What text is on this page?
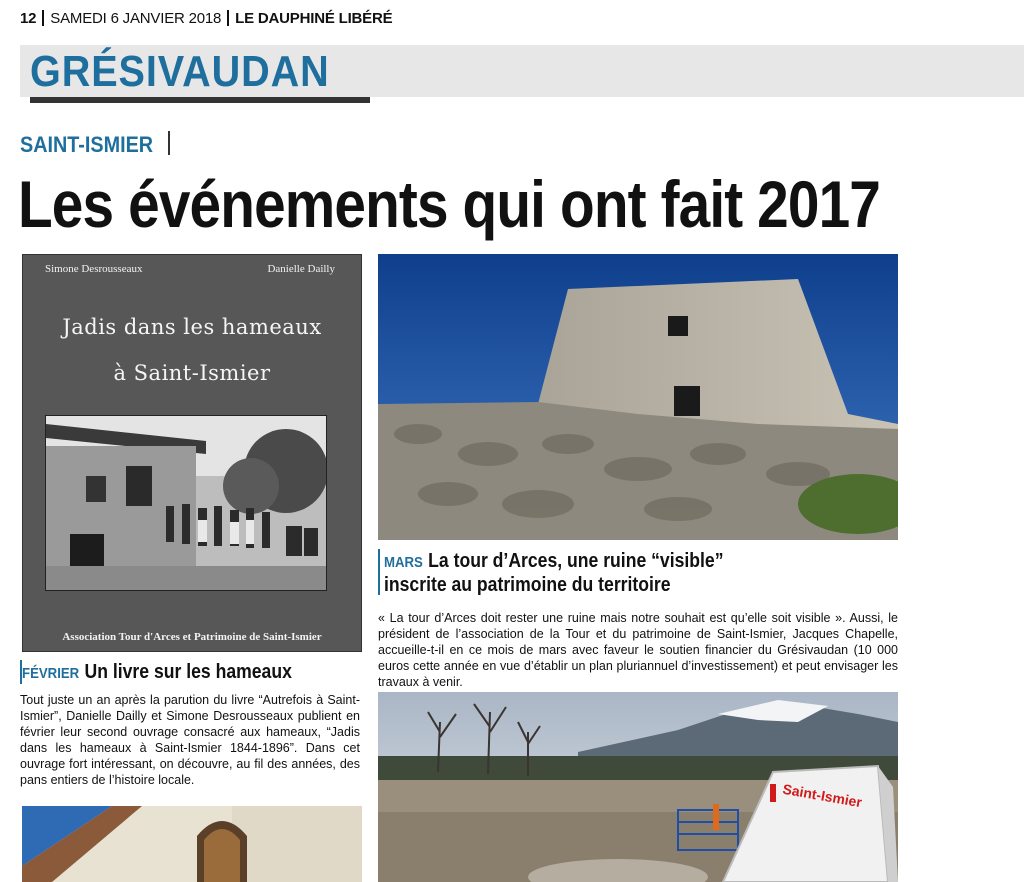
12 SAMEDI 6 JANVIER 2018 LE DAUPHINÉ LIBÉRÉ
GRÉSIVAUDAN
SAINT-ISMIER
Les événements qui ont fait 2017
Simone Desrousseaux	Danielle Dailly
Jadis dans les hameaux
à Saint-Ismier
Association Tour d'Arces et Patrimoine de Saint-Ismier
MARS La tour d’Arces, une ruine “visible”
inscrite au patrimoine du territoire

« La tour d’Arces doit rester une ruine mais notre souhait est qu’elle soit visible ». Aussi, le président de l’association de la Tour et du patrimoine de Saint-Ismier, Jacques Chapelle, accueille-t-il en ce mois de mars avec faveur le soutien financier du Grésivaudan (10 000 euros cette année en vue d’établir un plan pluriannuel d’investissement) et peut envisager les travaux à venir.

FÉVRIER Un livre sur les hameaux

Tout juste un an après la parution du livre “Autrefois à Saint-Ismier”, Danielle Dailly et Simone Desrousseaux publient en février leur second ouvrage consacré aux hameaux, “Jadis dans les hameaux à Saint-Ismier 1844-1896”. Dans cet ouvrage fort intéressant, on découvre, au fil des années, des pans entiers de l’histoire locale.

Saint-Ismier
